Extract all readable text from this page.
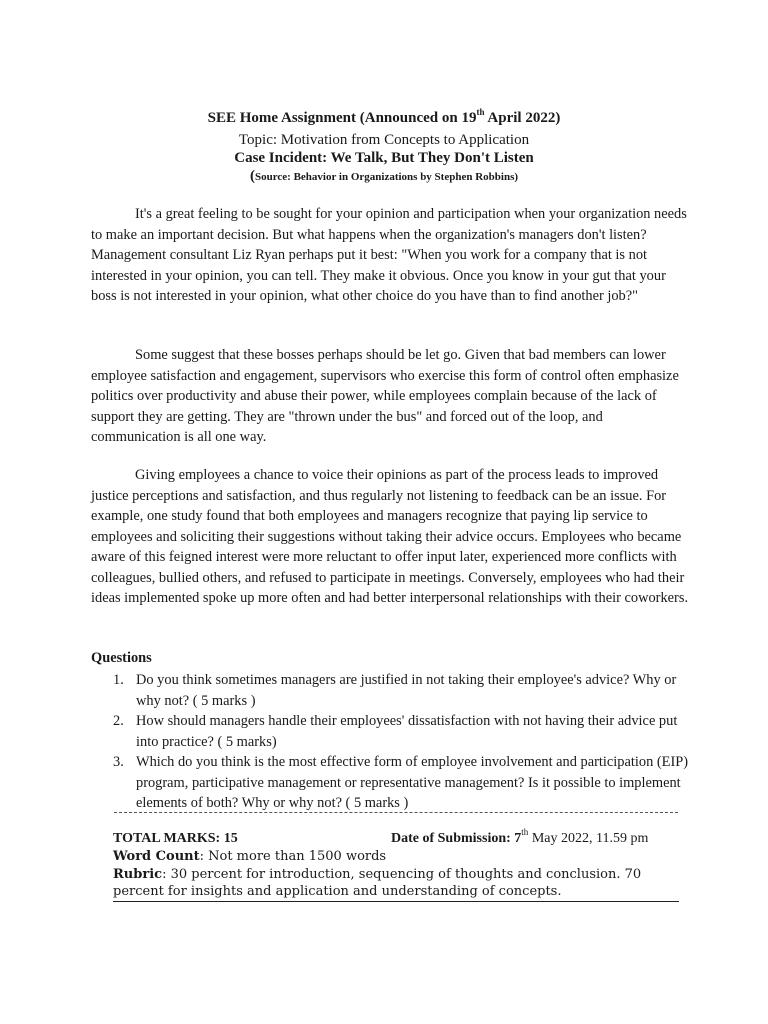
SEE Home Assignment (Announced on 19th April 2022)
Topic: Motivation from Concepts to Application
Case Incident: We Talk, But They Don't Listen
(Source: Behavior in Organizations by Stephen Robbins)

It's a great feeling to be sought for your opinion and participation when your organization needs to make an important decision. But what happens when the organization's managers don't listen? Management consultant Liz Ryan perhaps put it best: "When you work for a company that is not interested in your opinion, you can tell. They make it obvious. Once you know in your gut that your boss is not interested in your opinion, what other choice do you have than to find another job?"

Some suggest that these bosses perhaps should be let go. Given that bad members can lower employee satisfaction and engagement, supervisors who exercise this form of control often emphasize politics over productivity and abuse their power, while employees complain because of the lack of support they are getting. They are "thrown under the bus" and forced out of the loop, and communication is all one way.

Giving employees a chance to voice their opinions as part of the process leads to improved justice perceptions and satisfaction, and thus regularly not listening to feedback can be an issue. For example, one study found that both employees and managers recognize that paying lip service to employees and soliciting their suggestions without taking their advice occurs. Employees who became aware of this feigned interest were more reluctant to offer input later, experienced more conflicts with colleagues, bullied others, and refused to participate in meetings. Conversely, employees who had their ideas implemented spoke up more often and had better interpersonal relationships with their coworkers.

Questions
1. Do you think sometimes managers are justified in not taking their employee's advice? Why or why not? ( 5 marks )
2. How should managers handle their employees' dissatisfaction with not having their advice put into practice? ( 5 marks)
3. Which do you think is the most effective form of employee involvement and participation (EIP) program, participative management or representative management? Is it possible to implement elements of both? Why or why not? ( 5 marks )
TOTAL MARKS: 15	Date of Submission: 7th May 2022, 11.59 pm
Word Count: Not more than 1500 words
Rubric: 30 percent for introduction, sequencing of thoughts and conclusion. 70 percent for insights and application and understanding of concepts.
